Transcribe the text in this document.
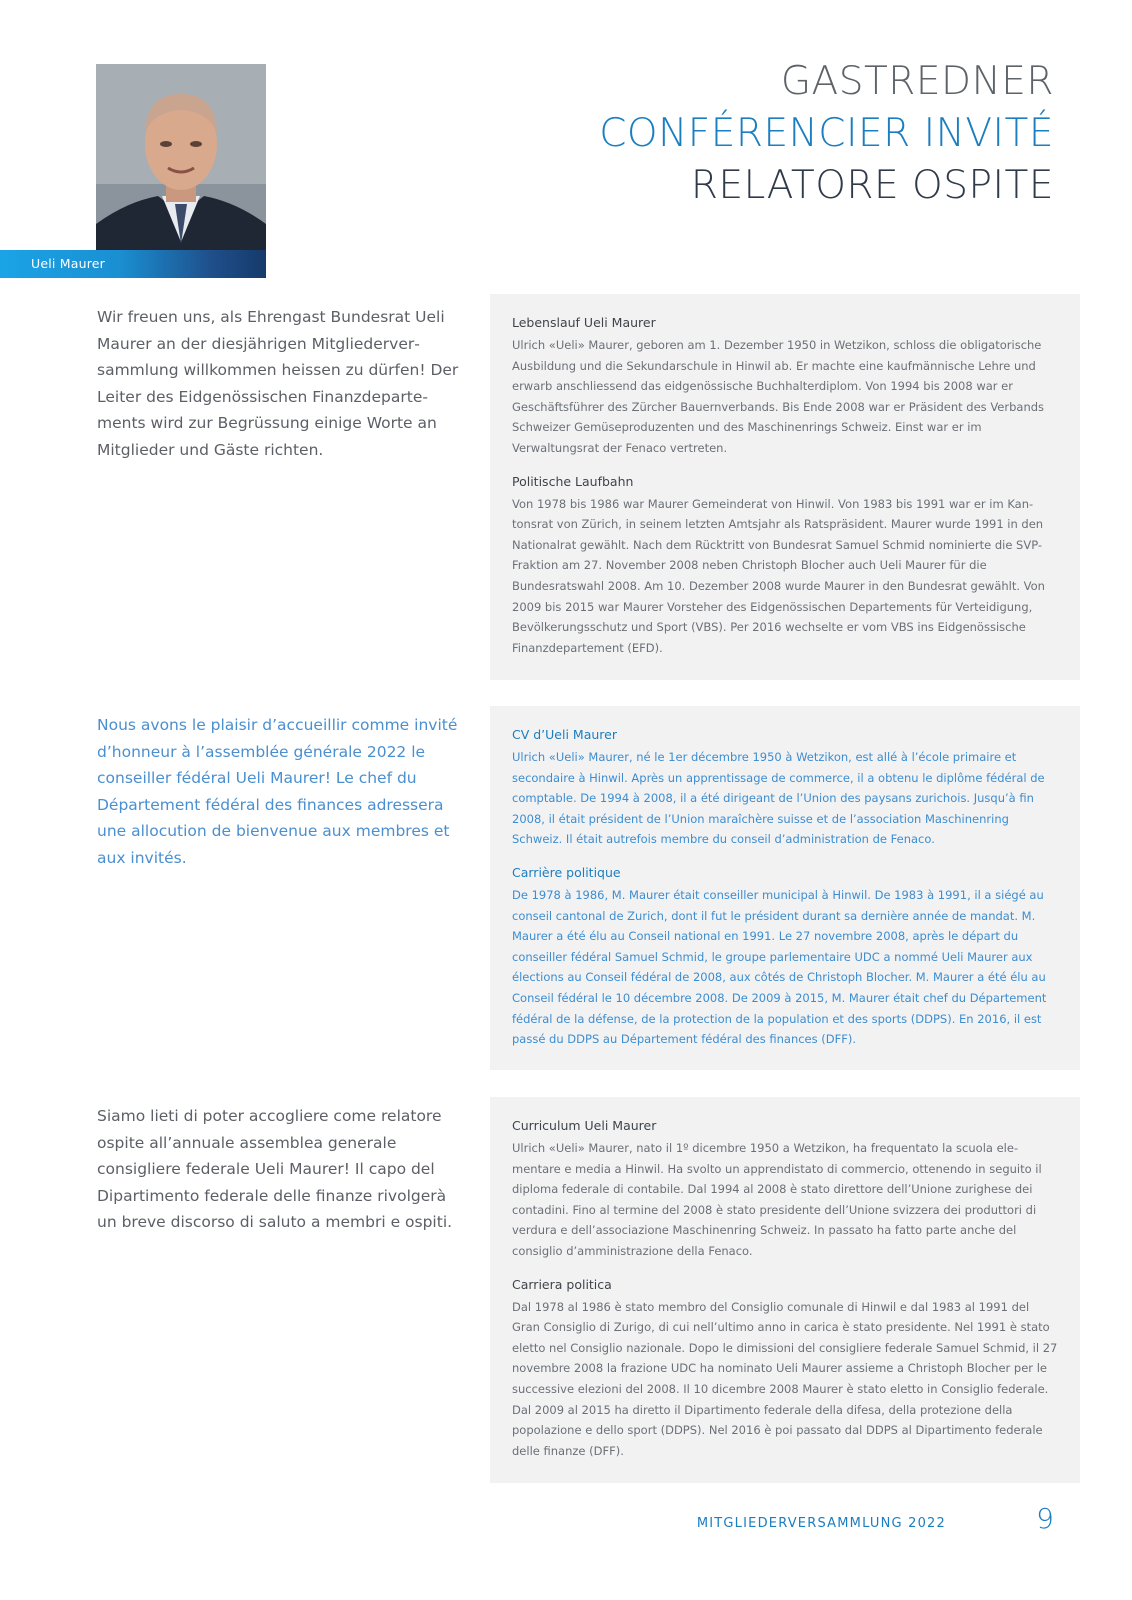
Ueli Maurer
GASTREDNER
CONFÉRENCIER INVITÉ
RELATORE OSPITE

Wir freuen uns, als Ehrengast Bundesrat Ueli Maurer an der diesjährigen Mitgliederversammlung willkommen heissen zu dürfen! Der Leiter des Eidgenössischen Finanzdepartements wird zur Begrüssung einige Worte an Mitglieder und Gäste richten.

Lebenslauf Ueli Maurer

Ulrich «Ueli» Maurer, geboren am 1. Dezember 1950 in Wetzikon, schloss die obligatorische Ausbildung und die Sekundarschule in Hinwil ab. Er machte eine kaufmännische Lehre und erwarb anschliessend das eidgenössische Buchhalterdiplom. Von 1994 bis 2008 war er Geschäftsführer des Zürcher Bauernverbands. Bis Ende 2008 war er Präsident des Verbands Schweizer Gemüseproduzenten und des Maschinenrings Schweiz. Einst war er im Verwaltungsrat der Fenaco vertreten.

Politische Laufbahn

Von 1978 bis 1986 war Maurer Gemeinderat von Hinwil. Von 1983 bis 1991 war er im Kantonsrat von Zürich, in seinem letzten Amtsjahr als Ratspräsident. Maurer wurde 1991 in den Nationalrat gewählt. Nach dem Rücktritt von Bundesrat Samuel Schmid nominierte die SVP-Fraktion am 27. November 2008 neben Christoph Blocher auch Ueli Maurer für die Bundesratswahl 2008. Am 10. Dezember 2008 wurde Maurer in den Bundesrat gewählt. Von 2009 bis 2015 war Maurer Vorsteher des Eidgenössischen Departements für Verteidigung, Bevölkerungsschutz und Sport (VBS). Per 2016 wechselte er vom VBS ins Eidgenössische Finanzdepartement (EFD).

Nous avons le plaisir d’accueillir comme invité d’honneur à l’assemblée générale 2022 le conseiller fédéral Ueli Maurer! Le chef du Département fédéral des finances adressera une allocution de bienvenue aux membres et aux invités.

CV d’Ueli Maurer

Ulrich «Ueli» Maurer, né le 1er décembre 1950 à Wetzikon, est allé à l’école primaire et secondaire à Hinwil. Après un apprentissage de commerce, il a obtenu le diplôme fédéral de comptable. De 1994 à 2008, il a été dirigeant de l’Union des paysans zurichois. Jusqu’à fin 2008, il était président de l’Union maraîchère suisse et de l’association Maschinenring Schweiz. Il était autrefois membre du conseil d’administration de Fenaco.

Carrière politique

De 1978 à 1986, M. Maurer était conseiller municipal à Hinwil. De 1983 à 1991, il a siégé au conseil cantonal de Zurich, dont il fut le président durant sa dernière année de mandat. M. Maurer a été élu au Conseil national en 1991. Le 27 novembre 2008, après le départ du conseiller fédéral Samuel Schmid, le groupe parlementaire UDC a nommé Ueli Maurer aux élections au Conseil fédéral de 2008, aux côtés de Christoph Blocher. M. Maurer a été élu au Conseil fédéral le 10 décembre 2008. De 2009 à 2015, M. Maurer était chef du Département fédéral de la défense, de la protection de la population et des sports (DDPS). En 2016, il est passé du DDPS au Département fédéral des finances (DFF).

Siamo lieti di poter accogliere come relatore ospite all’annuale assemblea generale consigliere federale Ueli Maurer! Il capo del Dipartimento federale delle finanze rivolgerà un breve discorso di saluto a membri e ospiti.

Curriculum Ueli Maurer

Ulrich «Ueli» Maurer, nato il 1º dicembre 1950 a Wetzikon, ha frequentato la scuola elementare e media a Hinwil. Ha svolto un apprendistato di commercio, ottenendo in seguito il diploma federale di contabile. Dal 1994 al 2008 è stato direttore dell’Unione zurighese dei contadini. Fino al termine del 2008 è stato presidente dell’Unione svizzera dei produttori di verdura e dell’associazione Maschinenring Schweiz. In passato ha fatto parte anche del consiglio d’amministrazione della Fenaco.

Carriera politica

Dal 1978 al 1986 è stato membro del Consiglio comunale di Hinwil e dal 1983 al 1991 del Gran Consiglio di Zurigo, di cui nell’ultimo anno in carica è stato presidente. Nel 1991 è stato eletto nel Consiglio nazionale. Dopo le dimissioni del consigliere federale Samuel Schmid, il 27 novembre 2008 la frazione UDC ha nominato Ueli Maurer assieme a Christoph Blocher per le successive elezioni del 2008. Il 10 dicembre 2008 Maurer è stato eletto in Consiglio federale. Dal 2009 al 2015 ha diretto il Dipartimento federale della difesa, della protezione della popolazione e dello sport (DDPS). Nel 2016 è poi passato dal DDPS al Dipartimento federale delle finanze (DFF).

MITGLIEDERVERSAMMLUNG 2022	9
